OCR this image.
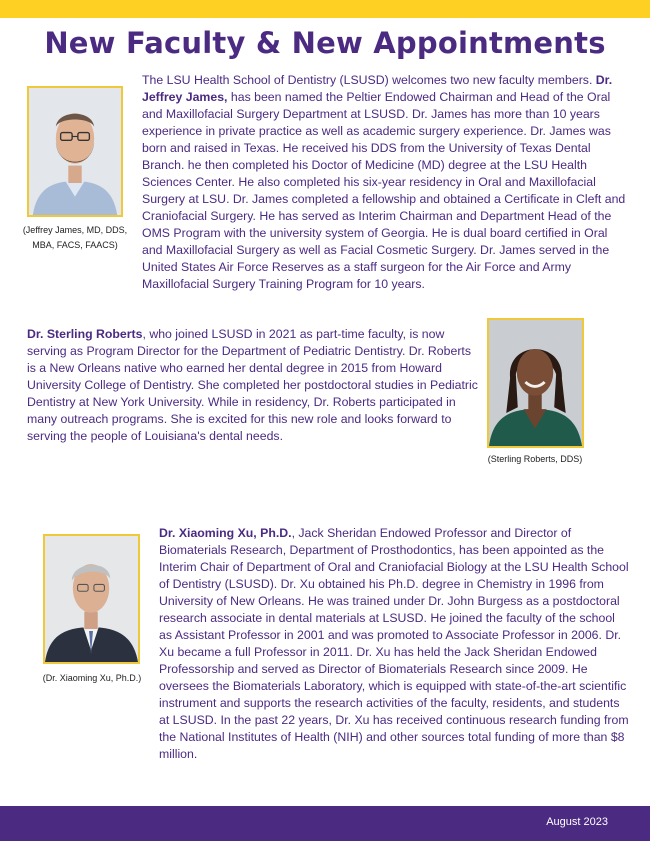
New Faculty & New Appointments
(Jeffrey James, MD, DDS, MBA, FACS, FAACS)

The LSU Health School of Dentistry (LSUSD) welcomes two new faculty members. Dr. Jeffrey James, has been named the Peltier Endowed Chairman and Head of the Oral and Maxillofacial Surgery Department at LSUSD. Dr. James has more than 10 years experience in private practice as well as academic surgery experience. Dr. James was born and raised in Texas. He received his DDS from the University of Texas Dental Branch. he then completed his Doctor of Medicine (MD) degree at the LSU Health Sciences Center. He also completed his six-year residency in Oral and Maxillofacial Surgery at LSU. Dr. James completed a fellowship and obtained a Certificate in Cleft and Craniofacial Surgery. He has served as Interim Chairman and Department Head of the OMS Program with the university system of Georgia. He is dual board certified in Oral and Maxillofacial Surgery as well as Facial Cosmetic Surgery. Dr. James served in the United States Air Force Reserves as a staff surgeon for the Air Force and Army Maxillofacial Surgery Training Program for 10 years.

Dr. Sterling Roberts, who joined LSUSD in 2021 as part-time faculty, is now serving as Program Director for the Department of Pediatric Dentistry. Dr. Roberts is a New Orleans native who earned her dental degree in 2015 from Howard University College of Dentistry. She completed her postdoctoral studies in Pediatric Dentistry at New York University. While in residency, Dr. Roberts participated in many outreach programs. She is excited for this new role and looks forward to serving the people of Louisiana's dental needs.

(Sterling Roberts, DDS)
(Dr. Xiaoming Xu, Ph.D.)

Dr. Xiaoming Xu, Ph.D., Jack Sheridan Endowed Professor and Director of Biomaterials Research, Department of Prosthodontics, has been appointed as the Interim Chair of Department of Oral and Craniofacial Biology at the LSU Health School of Dentistry (LSUSD). Dr. Xu obtained his Ph.D. degree in Chemistry in 1996 from University of New Orleans. He was trained under Dr. John Burgess as a postdoctoral research associate in dental materials at LSUSD. He joined the faculty of the school as Assistant Professor in 2001 and was promoted to Associate Professor in 2006. Dr. Xu became a full Professor in 2011. Dr. Xu has held the Jack Sheridan Endowed Professorship and served as Director of Biomaterials Research since 2009. He oversees the Biomaterials Laboratory, which is equipped with state-of-the-art scientific instrument and supports the research activities of the faculty, residents, and students at LSUSD. In the past 22 years, Dr. Xu has received continuous research funding from the National Institutes of Health (NIH) and other sources total funding of more than $8 million.

August 2023
